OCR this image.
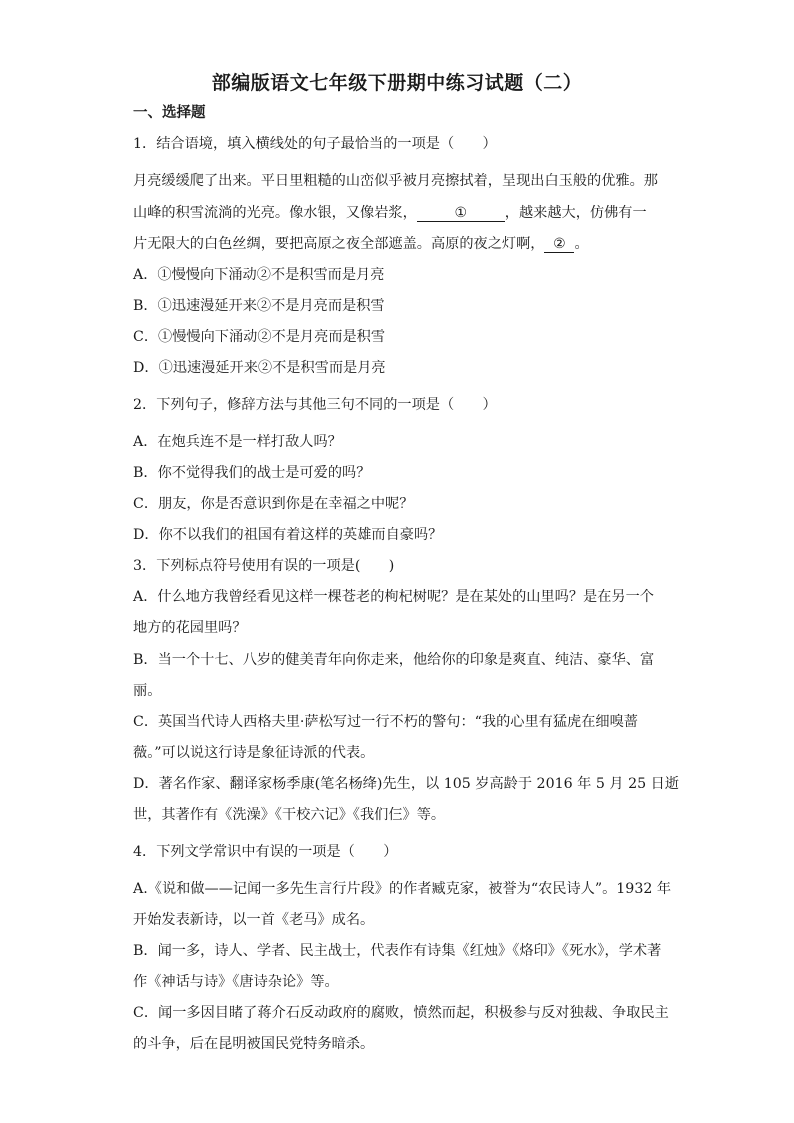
部编版语文七年级下册期中练习试题（二）
一、选择题
1．结合语境，填入横线处的句子最恰当的一项是（　　）
月亮缓缓爬了出来。平日里粗糙的山峦似乎被月亮擦拭着，呈现出白玉般的优雅。那
山峰的积雪流淌的光亮。像水银，又像岩浆，	①	，越来越大，仿佛有一
片无限大的白色丝绸，要把高原之夜全部遮盖。高原的夜之灯啊， ② 。
A．①慢慢向下涌动②不是积雪而是月亮
B．①迅速漫延开来②不是月亮而是积雪
C．①慢慢向下涌动②不是月亮而是积雪
D．①迅速漫延开来②不是积雪而是月亮
2．下列句子，修辞方法与其他三句不同的一项是（　　）
A．在炮兵连不是一样打敌人吗？
B．你不觉得我们的战士是可爱的吗？
C．朋友，你是否意识到你是在幸福之中呢？
D．你不以我们的祖国有着这样的英雄而自豪吗？
3．下列标点符号使用有误的一项是(　　)
A．什么地方我曾经看见这样一棵苍老的枸杞树呢？是在某处的山里吗？是在另一个
地方的花园里吗？
B．当一个十七、八岁的健美青年向你走来，他给你的印象是爽直、纯洁、豪华、富
丽。
C．英国当代诗人西格夫里·萨松写过一行不朽的警句：“我的心里有猛虎在细嗅蔷
薇。”可以说这行诗是象征诗派的代表。
D．著名作家、翻译家杨季康(笔名杨绛)先生，以 105 岁高龄于 2016 年 5 月 25 日逝
世，其著作有《洗澡》《干校六记》《我们仨》等。
4．下列文学常识中有误的一项是（　　）
A.《说和做——记闻一多先生言行片段》的作者臧克家，被誉为“农民诗人”。1932 年
开始发表新诗，以一首《老马》成名。
B．闻一多，诗人、学者、民主战士，代表作有诗集《红烛》《烙印》《死水》，学术著
作《神话与诗》《唐诗杂论》等。
C．闻一多因目睹了蒋介石反动政府的腐败，愤然而起，积极参与反对独裁、争取民主
的斗争，后在昆明被国民党特务暗杀。
